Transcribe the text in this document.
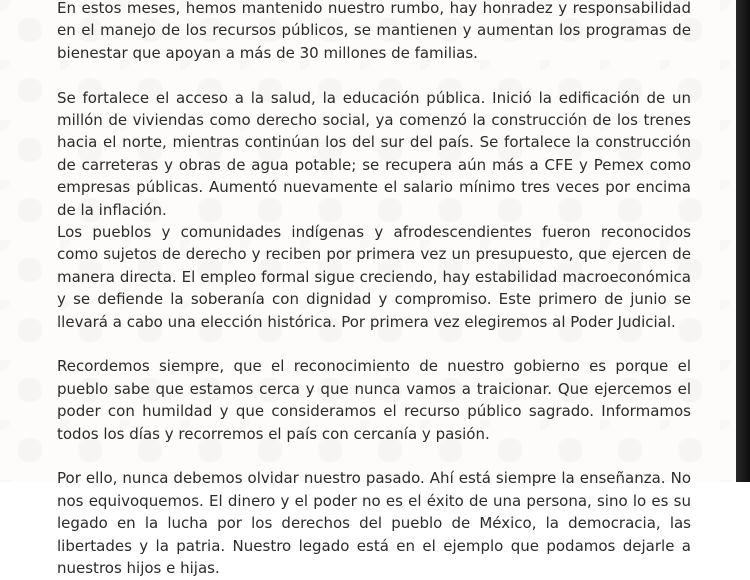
En estos meses, hemos mantenido nuestro rumbo, hay honradez y responsabilidad en el manejo de los recursos públicos, se mantienen y aumentan los programas de bienestar que apoyan a más de 30 millones de familias.

Se fortalece el acceso a la salud, la educación pública. Inició la edificación de un millón de viviendas como derecho social, ya comenzó la construcción de los trenes hacia el norte, mientras continúan los del sur del país. Se fortalece la construcción de carreteras y obras de agua potable; se recupera aún más a CFE y Pemex como empresas públicas. Aumentó nuevamente el salario mínimo tres veces por encima de la inflación.

Los pueblos y comunidades indígenas y afrodescendientes fueron reconocidos como sujetos de derecho y reciben por primera vez un presupuesto, que ejercen de manera directa. El empleo formal sigue creciendo, hay estabilidad macroeconómica y se defiende la soberanía con dignidad y compromiso. Este primero de junio se llevará a cabo una elección histórica. Por primera vez elegiremos al Poder Judicial.

Recordemos siempre, que el reconocimiento de nuestro gobierno es porque el pueblo sabe que estamos cerca y que nunca vamos a traicionar. Que ejercemos el poder con humildad y que consideramos el recurso público sagrado. Informamos todos los días y recorremos el país con cercanía y pasión.

Por ello, nunca debemos olvidar nuestro pasado. Ahí está siempre la enseñanza. No nos equivoquemos. El dinero y el poder no es el éxito de una persona, sino lo es su legado en la lucha por los derechos del pueblo de México, la democracia, las libertades y la patria. Nuestro legado está en el ejemplo que podamos dejarle a nuestros hijos e hijas.
